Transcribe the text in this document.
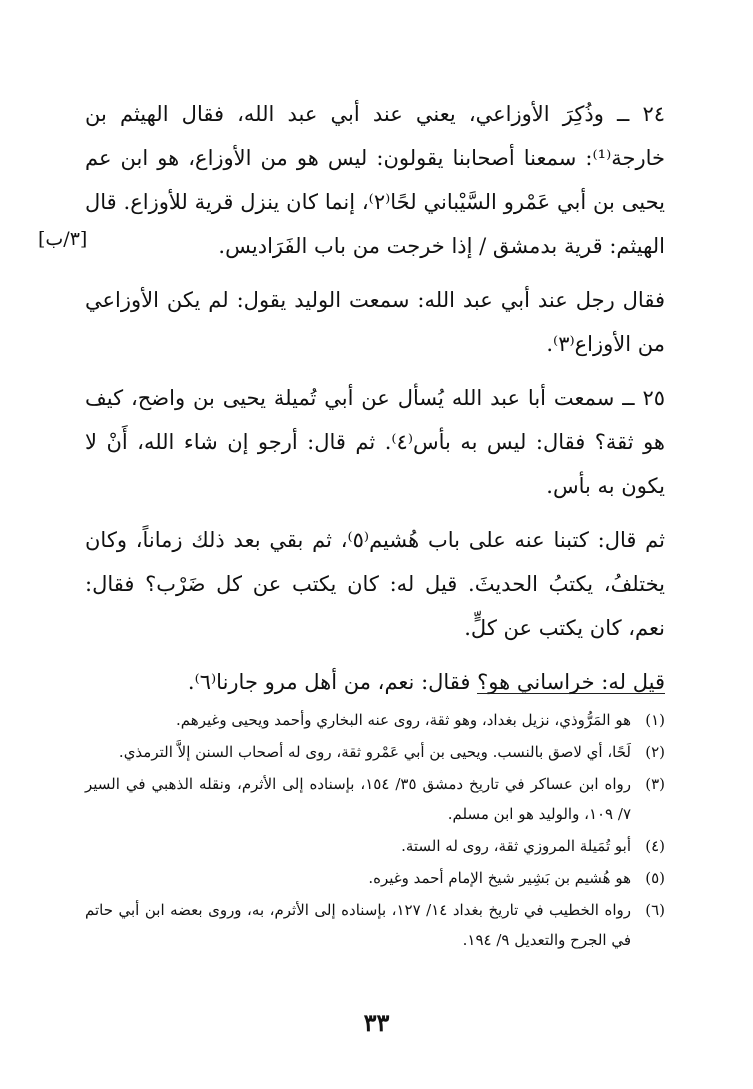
٢٤ ــ وذُكِرَ الأوزاعي، يعني عند أبي عبد الله، فقال الهيثم بن خارجة⁽¹⁾: سمعنا أصحابنا يقولون: ليس هو من الأوزاع، هو ابن عم يحيى بن أبي عَمْرو السَّيْباني لحًا⁽٢⁾، إنما كان ينزل قرية للأوزاع. قال الهيثم: قرية بدمشق / إذا خرجت من باب الفَرَاديس.

فقال رجل عند أبي عبد الله: سمعت الوليد يقول: لم يكن الأوزاعي من الأوزاع⁽٣⁾.

٢٥ ــ سمعت أبا عبد الله يُسأل عن أبي تُميلة يحيى بن واضح، كيف هو ثقة؟ فقال: ليس به بأس⁽٤⁾. ثم قال: أرجو إن شاء الله، أَنْ لا يكون به بأس.

ثم قال: كتبنا عنه على باب هُشيم⁽٥⁾، ثم بقي بعد ذلك زماناً، وكان يختلفُ، يكتبُ الحديثَ. قيل له: كان يكتب عن كل ضَرْب؟ فقال: نعم، كان يكتب عن كلٍّ.

قيل له: خراساني هو؟ فقال: نعم، من أهل مرو جارنا⁽٦⁾.

[٣/ب]
(١)
هو المَرُّوذي، نزيل بغداد، وهو ثقة، روى عنه البخاري وأحمد ويحيى وغيرهم.
(٢)
لَحًا، أي لاصق بالنسب. ويحيى بن أبي عَمْرو ثقة، روى له أصحاب السنن إلاَّ الترمذي.
(٣)
رواه ابن عساكر في تاريخ دمشق ٣٥/ ١٥٤، بإسناده إلى الأثرم، ونقله الذهبي في السير ٧/ ١٠٩، والوليد هو ابن مسلم.
(٤)
أبو تُمَيلة المروزي ثقة، روى له الستة.
(٥)
هو هُشيم بن بَشِير شيخ الإمام أحمد وغيره.
(٦)
رواه الخطيب في تاريخ بغداد ١٤/ ١٢٧، بإسناده إلى الأثرم، به، وروى بعضه ابن أبي حاتم في الجرح والتعديل ٩/ ١٩٤.
٣٣
